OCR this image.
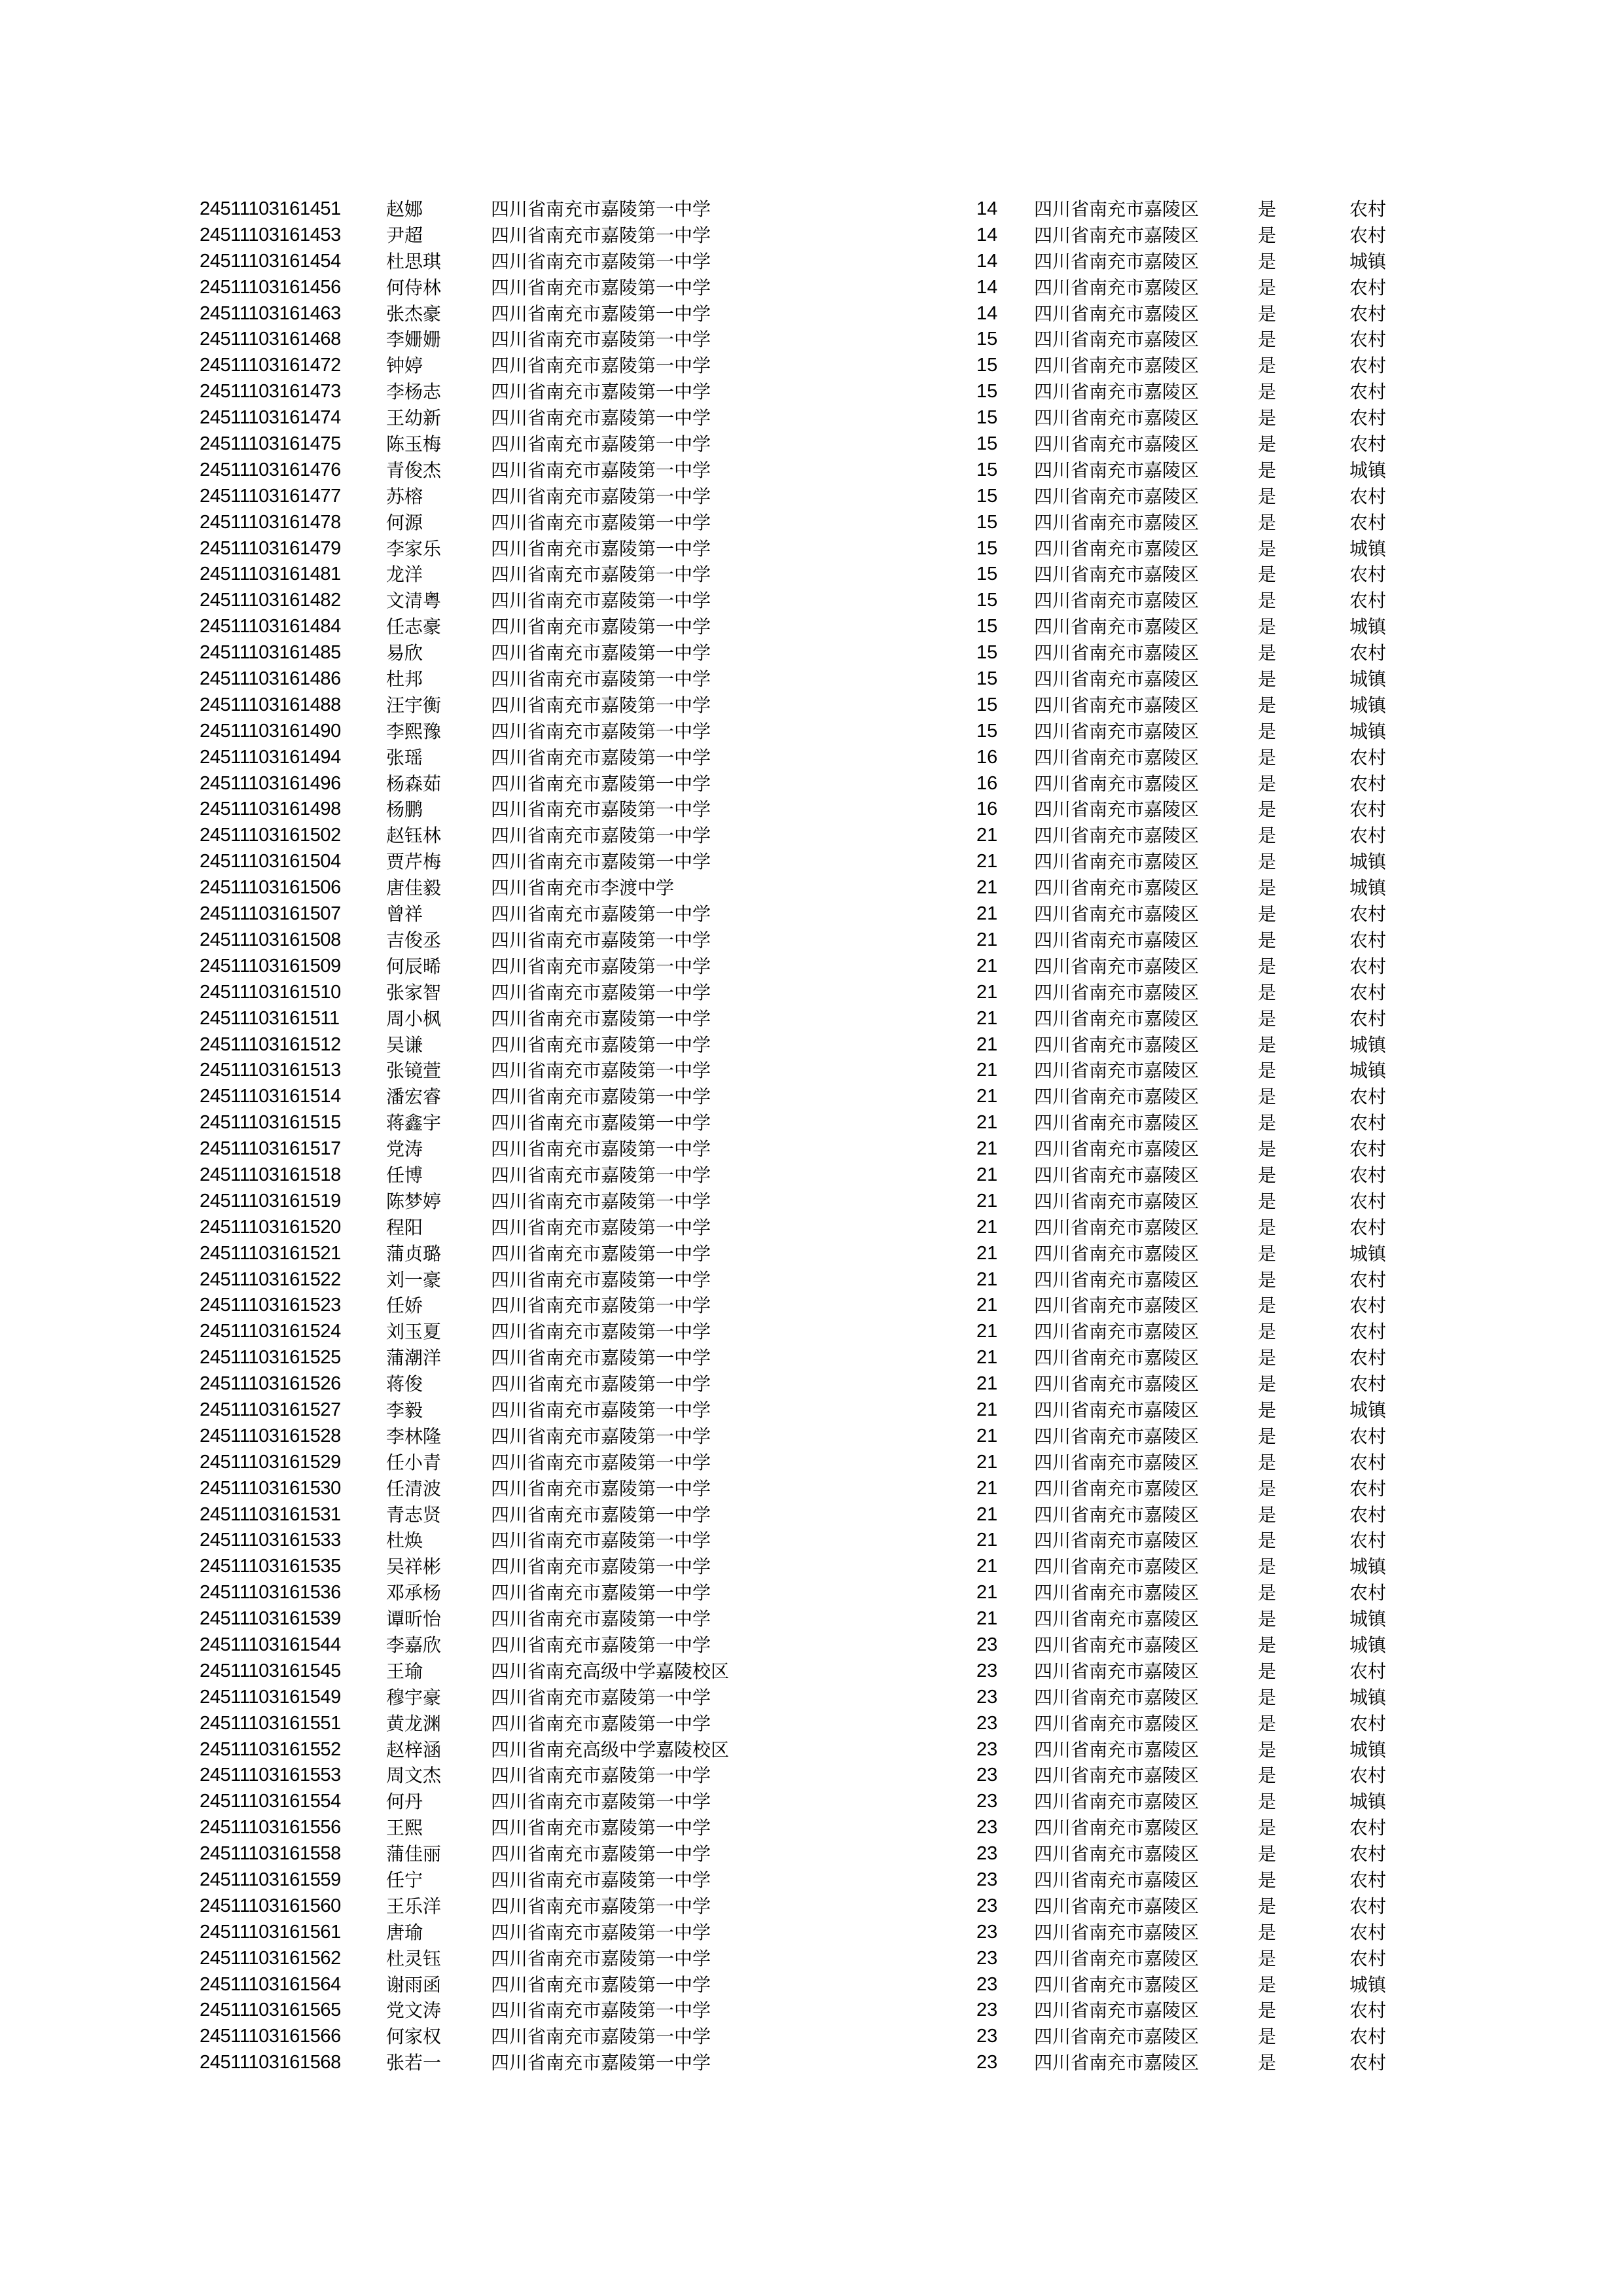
24511103161451 赵娜	四川省南充市嘉陵第一中学	14 四川省南充市嘉陵区	是	农村
24511103161453 尹超	四川省南充市嘉陵第一中学	14 四川省南充市嘉陵区	是	农村
24511103161454 杜思琪	四川省南充市嘉陵第一中学	14 四川省南充市嘉陵区	是	城镇
24511103161456 何侍林	四川省南充市嘉陵第一中学	14 四川省南充市嘉陵区	是	农村
24511103161463 张杰豪	四川省南充市嘉陵第一中学	14 四川省南充市嘉陵区	是	农村
24511103161468 李姗姗	四川省南充市嘉陵第一中学	15 四川省南充市嘉陵区	是	农村
24511103161472 钟婷	四川省南充市嘉陵第一中学	15 四川省南充市嘉陵区	是	农村
24511103161473 李杨志	四川省南充市嘉陵第一中学	15 四川省南充市嘉陵区	是	农村
24511103161474 王幼新	四川省南充市嘉陵第一中学	15 四川省南充市嘉陵区	是	农村
24511103161475 陈玉梅	四川省南充市嘉陵第一中学	15 四川省南充市嘉陵区	是	农村
24511103161476 青俊杰	四川省南充市嘉陵第一中学	15 四川省南充市嘉陵区	是	城镇
24511103161477 苏榕	四川省南充市嘉陵第一中学	15 四川省南充市嘉陵区	是	农村
24511103161478 何源	四川省南充市嘉陵第一中学	15 四川省南充市嘉陵区	是	农村
24511103161479 李家乐	四川省南充市嘉陵第一中学	15 四川省南充市嘉陵区	是	城镇
24511103161481 龙洋	四川省南充市嘉陵第一中学	15 四川省南充市嘉陵区	是	农村
24511103161482 文清粤	四川省南充市嘉陵第一中学	15 四川省南充市嘉陵区	是	农村
24511103161484 任志豪	四川省南充市嘉陵第一中学	15 四川省南充市嘉陵区	是	城镇
24511103161485 易欣	四川省南充市嘉陵第一中学	15 四川省南充市嘉陵区	是	农村
24511103161486 杜邦	四川省南充市嘉陵第一中学	15 四川省南充市嘉陵区	是	城镇
24511103161488 汪宇衡	四川省南充市嘉陵第一中学	15 四川省南充市嘉陵区	是	城镇
24511103161490 李熙豫	四川省南充市嘉陵第一中学	15 四川省南充市嘉陵区	是	城镇
24511103161494 张瑶	四川省南充市嘉陵第一中学	16 四川省南充市嘉陵区	是	农村
24511103161496 杨森茹	四川省南充市嘉陵第一中学	16 四川省南充市嘉陵区	是	农村
24511103161498 杨鹏	四川省南充市嘉陵第一中学	16 四川省南充市嘉陵区	是	农村
24511103161502 赵钰林	四川省南充市嘉陵第一中学	21 四川省南充市嘉陵区	是	农村
24511103161504 贾芹梅	四川省南充市嘉陵第一中学	21 四川省南充市嘉陵区	是	城镇
24511103161506 唐佳毅	四川省南充市李渡中学	21 四川省南充市嘉陵区	是	城镇
24511103161507 曾祥	四川省南充市嘉陵第一中学	21 四川省南充市嘉陵区	是	农村
24511103161508 吉俊丞	四川省南充市嘉陵第一中学	21 四川省南充市嘉陵区	是	农村
24511103161509 何辰晞	四川省南充市嘉陵第一中学	21 四川省南充市嘉陵区	是	农村
24511103161510 张家智	四川省南充市嘉陵第一中学	21 四川省南充市嘉陵区	是	农村
24511103161511	周小枫	四川省南充市嘉陵第一中学	21 四川省南充市嘉陵区	是	农村
24511103161512 吴谦	四川省南充市嘉陵第一中学	21 四川省南充市嘉陵区	是	城镇
24511103161513 张镜萱	四川省南充市嘉陵第一中学	21 四川省南充市嘉陵区	是	城镇
24511103161514 潘宏睿	四川省南充市嘉陵第一中学	21 四川省南充市嘉陵区	是	农村
24511103161515 蒋鑫宇	四川省南充市嘉陵第一中学	21 四川省南充市嘉陵区	是	农村
24511103161517 党涛	四川省南充市嘉陵第一中学	21 四川省南充市嘉陵区	是	农村
24511103161518 任博	四川省南充市嘉陵第一中学	21 四川省南充市嘉陵区	是	农村
24511103161519 陈梦婷	四川省南充市嘉陵第一中学	21 四川省南充市嘉陵区	是	农村
24511103161520 程阳	四川省南充市嘉陵第一中学	21 四川省南充市嘉陵区	是	农村
24511103161521 蒲贞璐	四川省南充市嘉陵第一中学	21 四川省南充市嘉陵区	是	城镇
24511103161522 刘一豪	四川省南充市嘉陵第一中学	21 四川省南充市嘉陵区	是	农村
24511103161523 任娇	四川省南充市嘉陵第一中学	21 四川省南充市嘉陵区	是	农村
24511103161524 刘玉夏	四川省南充市嘉陵第一中学	21 四川省南充市嘉陵区	是	农村
24511103161525 蒲潮洋	四川省南充市嘉陵第一中学	21 四川省南充市嘉陵区	是	农村
24511103161526 蒋俊	四川省南充市嘉陵第一中学	21 四川省南充市嘉陵区	是	农村
24511103161527 李毅	四川省南充市嘉陵第一中学	21 四川省南充市嘉陵区	是	城镇
24511103161528 李林隆	四川省南充市嘉陵第一中学	21 四川省南充市嘉陵区	是	农村
24511103161529 任小青	四川省南充市嘉陵第一中学	21 四川省南充市嘉陵区	是	农村
24511103161530 任清波	四川省南充市嘉陵第一中学	21 四川省南充市嘉陵区	是	农村
24511103161531 青志贤	四川省南充市嘉陵第一中学	21 四川省南充市嘉陵区	是	农村
24511103161533 杜焕	四川省南充市嘉陵第一中学	21 四川省南充市嘉陵区	是	农村
24511103161535 吴祥彬	四川省南充市嘉陵第一中学	21 四川省南充市嘉陵区	是	城镇
24511103161536 邓承杨	四川省南充市嘉陵第一中学	21 四川省南充市嘉陵区	是	农村
24511103161539 谭昕怡	四川省南充市嘉陵第一中学	21 四川省南充市嘉陵区	是	城镇
24511103161544 李嘉欣	四川省南充市嘉陵第一中学	23 四川省南充市嘉陵区	是	城镇
24511103161545 王瑜	四川省南充高级中学嘉陵校区	23 四川省南充市嘉陵区	是	农村
24511103161549 穆宇豪	四川省南充市嘉陵第一中学	23 四川省南充市嘉陵区	是	城镇
24511103161551 黄龙渊	四川省南充市嘉陵第一中学	23 四川省南充市嘉陵区	是	农村
24511103161552 赵梓涵	四川省南充高级中学嘉陵校区	23 四川省南充市嘉陵区	是	城镇
24511103161553 周文杰	四川省南充市嘉陵第一中学	23 四川省南充市嘉陵区	是	农村
24511103161554 何丹	四川省南充市嘉陵第一中学	23 四川省南充市嘉陵区	是	城镇
24511103161556 王熙	四川省南充市嘉陵第一中学	23 四川省南充市嘉陵区	是	农村
24511103161558 蒲佳丽	四川省南充市嘉陵第一中学	23 四川省南充市嘉陵区	是	农村
24511103161559 任宁	四川省南充市嘉陵第一中学	23 四川省南充市嘉陵区	是	农村
24511103161560 王乐洋	四川省南充市嘉陵第一中学	23 四川省南充市嘉陵区	是	农村
24511103161561 唐瑜	四川省南充市嘉陵第一中学	23 四川省南充市嘉陵区	是	农村
24511103161562 杜灵钰	四川省南充市嘉陵第一中学	23 四川省南充市嘉陵区	是	农村
24511103161564 谢雨函	四川省南充市嘉陵第一中学	23 四川省南充市嘉陵区	是	城镇
24511103161565 党文涛	四川省南充市嘉陵第一中学	23 四川省南充市嘉陵区	是	农村
24511103161566 何家权	四川省南充市嘉陵第一中学	23 四川省南充市嘉陵区	是	农村
24511103161568 张若一	四川省南充市嘉陵第一中学	23 四川省南充市嘉陵区	是	农村
